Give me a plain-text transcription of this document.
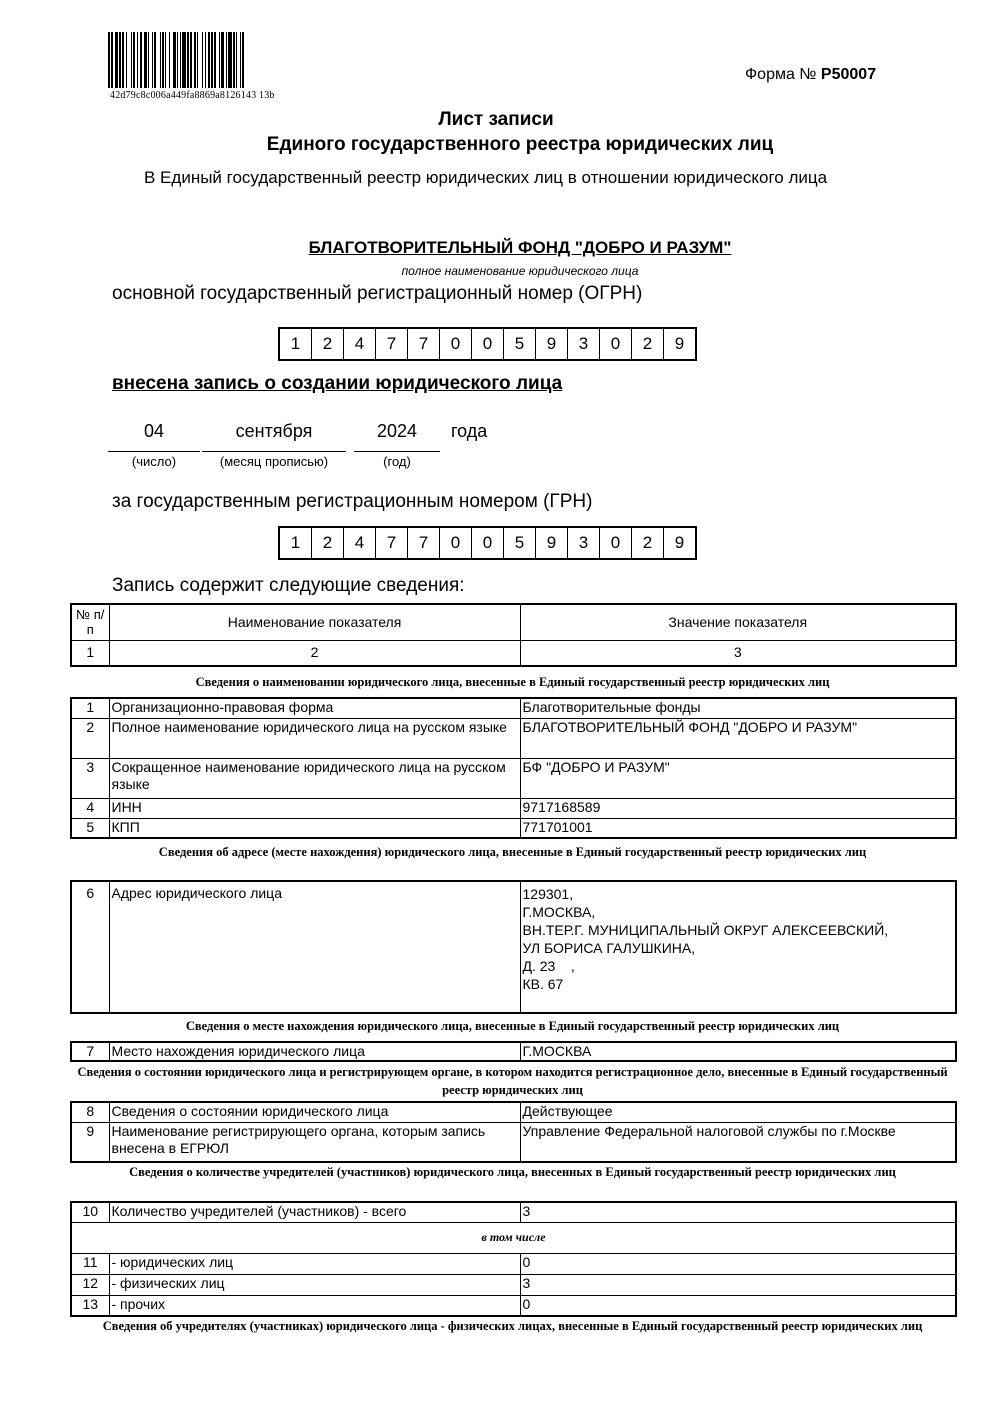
42d79c8c006a449fa8869a8126143 13b
Форма № Р50007
Лист записи
Единого государственного реестра юридических лиц
В Единый государственный реестр юридических лиц в отношении юридического лица
БЛАГОТВОРИТЕЛЬНЫЙ ФОНД "ДОБРО И РАЗУМ"
полное наименование юридического лица
основной государственный регистрационный номер (ОГРН)
1	2	4	7	7	0	0	5	9	3	0	2	9
внесена запись о создании юридического лица
04	сентября	2024	года
(число)	(месяц прописью)	(год)
за государственным регистрационным номером (ГРН)
1	2	4	7	7	0	0	5	9	3	0	2	9
Запись содержит следующие сведения:
№ п/п	Наименование показателя	Значение показателя
1	2	3
Сведения о наименовании юридического лица, внесенные в Единый государственный реестр юридических лиц
1	Организационно-правовая форма	Благотворительные фонды
2	Полное наименование юридического лица на русском языке	БЛАГОТВОРИТЕЛЬНЫЙ ФОНД "ДОБРО И РАЗУМ"
3	Сокращенное наименование юридического лица на русском языке	БФ "ДОБРО И РАЗУМ"
4	ИНН	9717168589
5	КПП	771701001
Сведения об адресе (месте нахождения) юридического лица, внесенные в Единый государственный реестр юридических лиц
6	Адрес юридического лица	129301,
Г.МОСКВА,
ВН.ТЕР.Г. МУНИЦИПАЛЬНЫЙ ОКРУГ АЛЕКСЕЕВСКИЙ,
УЛ БОРИСА ГАЛУШКИНА,
Д. 23    ,
КВ. 67
Сведения о месте нахождения юридического лица, внесенные в Единый государственный реестр юридических лиц
7	Место нахождения юридического лица	Г.МОСКВА
Сведения о состоянии юридического лица и регистрирующем органе, в котором находится регистрационное дело, внесенные в Единый государственный реестр юридических лиц
8	Сведения о состоянии юридического лица	Действующее
9	Наименование регистрирующего органа, которым запись внесена в ЕГРЮЛ	Управление Федеральной налоговой службы по г.Москве
Сведения о количестве учредителей (участников) юридического лица, внесенных в Единый государственный реестр юридических лиц
10	Количество учредителей (участников) - всего	3
в том числе		
11	- юридических лиц	0
12	- физических лиц	3
13	- прочих	0
Сведения об учредителях (участниках) юридического лица - физических лицах, внесенные в Единый государственный реестр юридических лиц
